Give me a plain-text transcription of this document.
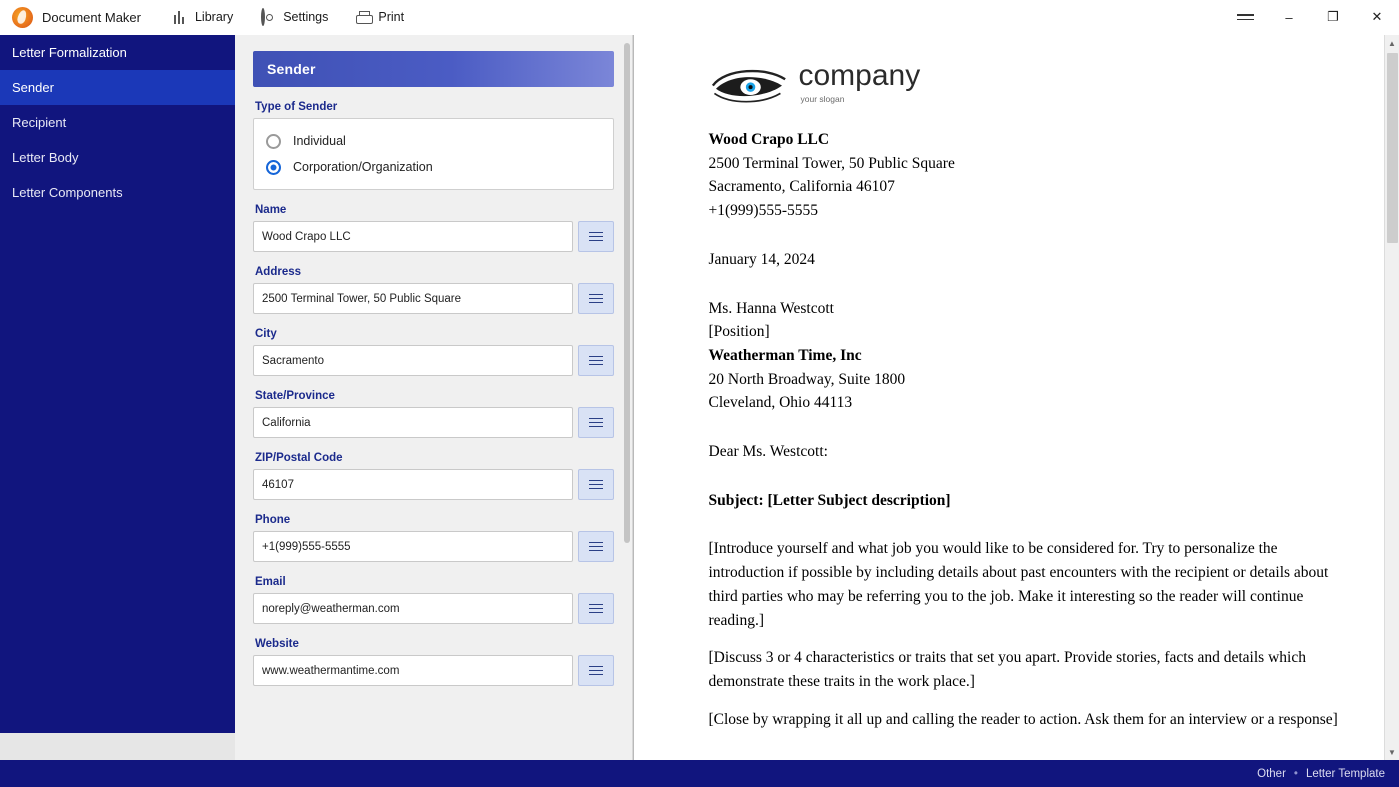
Document Maker	Library	Settings	Print	–	❐	✕
Letter Formalization
Sender
Recipient
Letter Body
Letter Components
Sender
Type of Sender
Individual
Corporation/Organization
Name
Wood Crapo LLC
Address
2500 Terminal Tower, 50 Public Square
City
Sacramento
State/Province
California
ZIP/Postal Code
46107
Phone
+1(999)555-5555
Email
noreply@weatherman.com
Website
www.weathermantime.com
company
your slogan

Wood Crapo LLC

2500 Terminal Tower, 50 Public Square

Sacramento, California 46107

+1(999)555-5555

January 14, 2024

Ms. Hanna Westcott

[Position]

Weatherman Time, Inc

20 North Broadway, Suite 1800

Cleveland, Ohio 44113

Dear Ms. Westcott:

Subject: [Letter Subject description]

[Introduce yourself and what job you would like to be considered for. Try to personalize the introduction if possible by including details about past encounters with the recipient or details about third parties who may be referring you to the job. Make it interesting so the reader will continue reading.]

[Discuss 3 or 4 characteristics or traits that set you apart. Provide stories, facts and details which demonstrate these traits in the work place.]

[Close by wrapping it all up and calling the reader to action. Ask them for an interview or a response]

▲
▼
Other • Letter Template
